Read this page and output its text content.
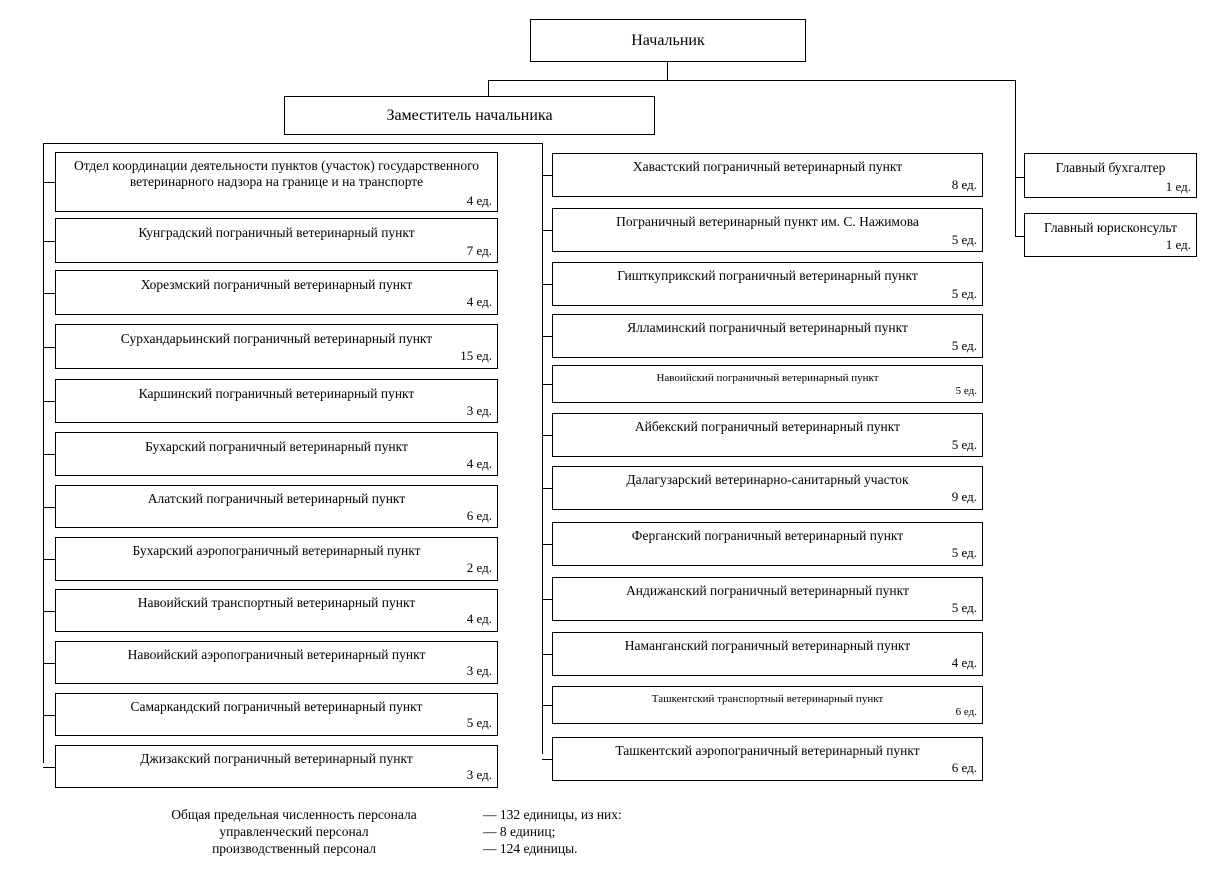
Начальник
Заместитель начальника
Главный бухгалтер
1 ед.
Главный юрисконсульт
1 ед.
Отдел координации деятельности пунктов (участок) государственного ветеринарного надзора на границе и на транспорте
4 ед.
Кунградский пограничный ветеринарный пункт
7 ед.
Хорезмский пограничный ветеринарный пункт
4 ед.
Сурхандарьинский пограничный ветеринарный пункт
15 ед.
Каршинский пограничный ветеринарный пункт
3 ед.
Бухарский пограничный ветеринарный пункт
4 ед.
Алатский пограничный ветеринарный пункт
6 ед.
Бухарский аэропограничный ветеринарный пункт
2 ед.
Навоийский транспортный ветеринарный пункт
4 ед.
Навоийский аэропограничный ветеринарный пункт
3 ед.
Самаркандский пограничный ветеринарный пункт
5 ед.
Джизакский пограничный ветеринарный пункт
3 ед.
Хавастский пограничный ветеринарный пункт
8 ед.
Пограничный ветеринарный пункт им. С. Нажимова
5 ед.
Гиштк​уприкский пограничный ветеринарный пункт
5 ед.
Ялламинский пограничный ветеринарный пункт
5 ед.
Навоийский пограничный ветеринарный пункт
5 ед.
Айбекский пограничный ветеринарный пункт
5 ед.
Далагузарский ветеринарно-санитарный участок
9 ед.
Ферганский пограничный ветеринарный пункт
5 ед.
Андижанский пограничный ветеринарный пункт
5 ед.
Наманганский пограничный ветеринарный пункт
4 ед.
Ташкентский транспортный ветеринарный пункт
6 ед.
Ташкентский аэропограничный ветеринарный пункт
6 ед.
Общая предельная численность персонала	— 132 единицы, из них:
управленческий персонал	— 8 единиц;
производственный персонал	— 124 единицы.
